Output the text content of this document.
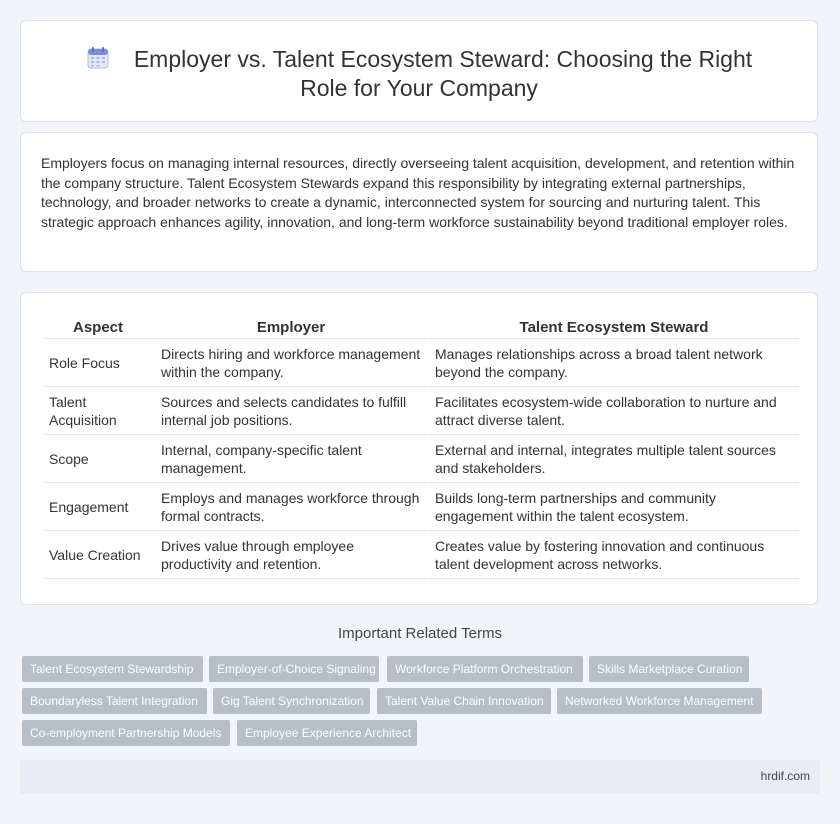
Employer vs. Talent Ecosystem Steward: Choosing the Right Role for Your Company

Employers focus on managing internal resources, directly overseeing talent acquisition, development, and retention within the company structure. Talent Ecosystem Stewards expand this responsibility by integrating external partnerships, technology, and broader networks to create a dynamic, interconnected system for sourcing and nurturing talent. This strategic approach enhances agility, innovation, and long-term workforce sustainability beyond traditional employer roles.

Aspect	Employer	Talent Ecosystem Steward
Role Focus	Directs hiring and workforce management within the company.	Manages relationships across a broad talent network beyond the company.
Talent Acquisition	Sources and selects candidates to fulfill internal job positions.	Facilitates ecosystem-wide collaboration to nurture and attract diverse talent.
Scope	Internal, company-specific talent management.	External and internal, integrates multiple talent sources and stakeholders.
Engagement	Employs and manages workforce through formal contracts.	Builds long-term partnerships and community engagement within the talent ecosystem.
Value Creation	Drives value through employee productivity and retention.	Creates value by fostering innovation and continuous talent development across networks.
Important Related Terms
Talent Ecosystem Stewardship	Employer-of-Choice Signaling	Workforce Platform Orchestration	Skills Marketplace Curation
Boundaryless Talent Integration	Gig Talent Synchronization	Talent Value Chain Innovation	Networked Workforce Management
Co-employment Partnership Models	Employee Experience Architect
hrdif.com
